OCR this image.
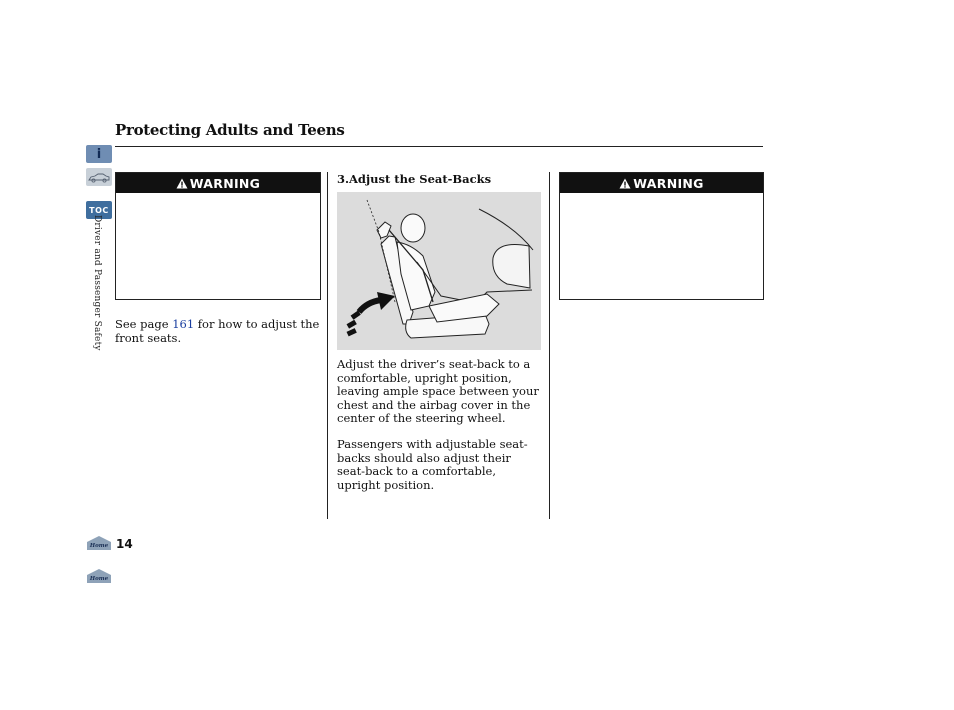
Protecting Adults and Teens
i
TOC
Driver and Passenger Safety
WARNING
See page 161 for how to adjust the front seats.
3.Adjust the Seat-Backs
Adjust the driver’s seat-back to a comfortable, upright position, leaving ample space between your chest and the airbag cover in the center of the steering wheel.
Passengers with adjustable seat-backs should also adjust their seat-back to a comfortable, upright position.
WARNING
Home 14
Home
